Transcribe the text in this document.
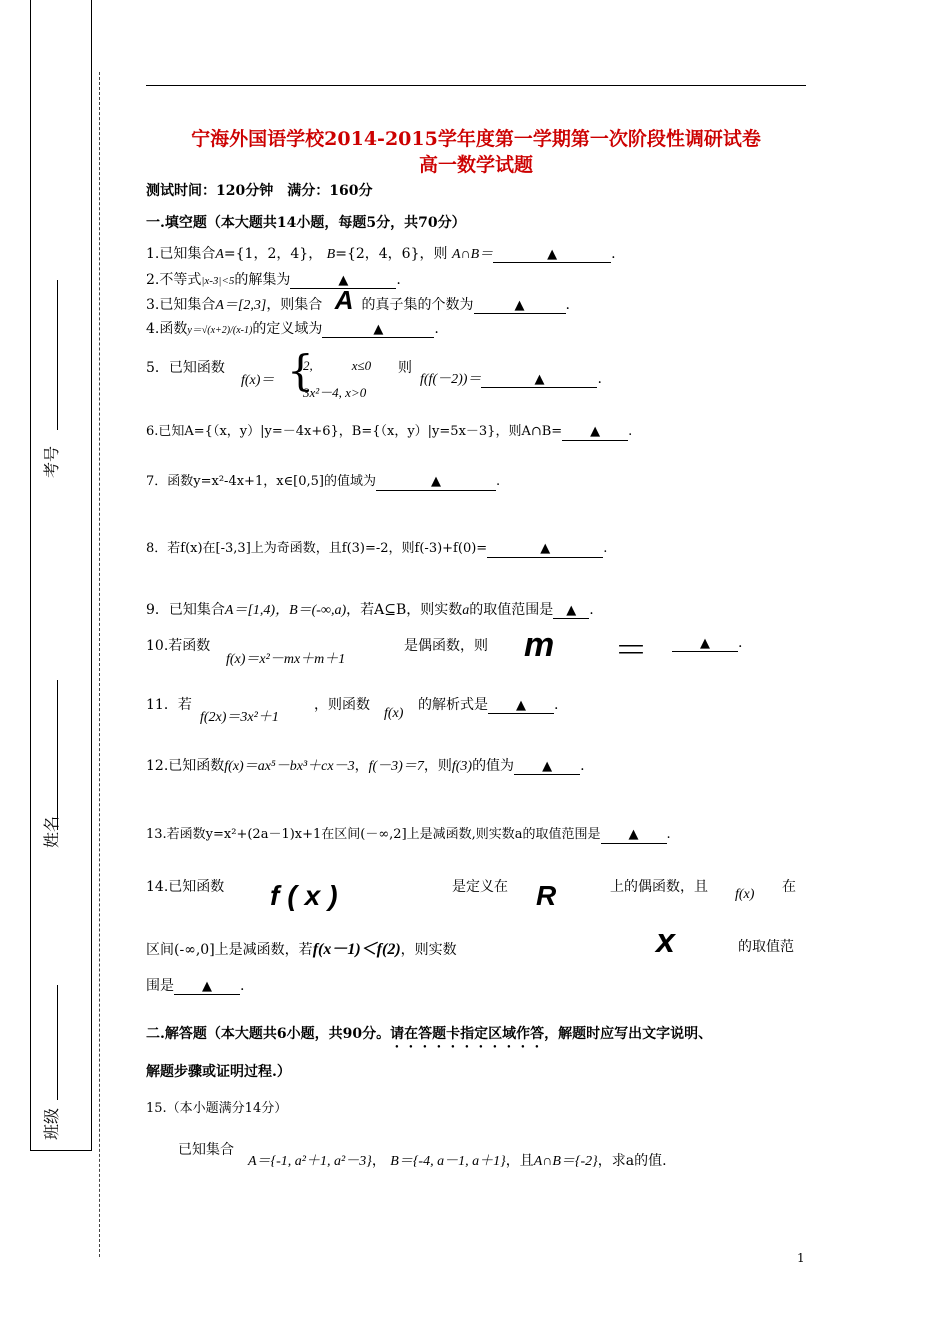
考号
姓名
班级
宁海外国语学校2014-2015学年度第一学期第一次阶段性调研试卷
高一数学试题
测试时间：120分钟　满分：160分
一.填空题（本大题共14小题，每题5分，共70分）
1.已知集合A={1，2，4}， B={2，4，6}，则 A∩B＝	▲	.
2.不等式|x-3|<5的解集为	▲	.
3.已知集合A＝[2,3]，则集合 A 的真子集的个数为	▲	.
4.函数y＝√(x+2)/(x-1)的定义域为	▲	.
5．已知函数
f(x)＝ {
2,　　　x≤0
3x²－4, x>0
则
f(f(－2))＝	▲	.
6.已知A={（x，y）|y=－4x+6}，B={（x，y）|y=5x－3}，则A∩B= ▲ .
7．函数y=x²-4x+1，x∈[0,5]的值域为	▲	.
8．若f(x)在[-3,3]上为奇函数，且f(3)=-2，则f(-3)+f(0)=	▲	.
9．已知集合A＝[1,4)，B＝(-∞,a)，若A⊆B，则实数a的取值范围是 ▲ .
10.若函数
f(x)＝x²－mx＋m＋1
是偶函数，则 m ＝	▲ .
11．若
f(2x)＝3x²＋1
，则函数
f(x)
的解析式是 ▲ .
12.已知函数f(x)＝ax⁵－bx³＋cx－3，f(－3)＝7，则f(3)的值为 ▲ .
13.若函数y=x²+(2a－1)x+1在区间(－∞,2]上是减函数,则实数a的取值范围是 ▲ .
14.已知函数 f(x)	是定义在 R	上的偶函数，且 f(x) 在
区间(-∞,0]上是减函数，若f(x－1)＜f(2)，则实数	x	的取值范
围是 ▲ .
二.解答题（本大题共6小题，共90分。请在答题卡指定区域作答，解题时应写出文字说明、
解题步骤或证明过程.）
15.（本小题满分14分）
已知集合
A＝{-1, a²＋1, a²－3}， B＝{-4, a－1, a＋1}，且A∩B＝{-2}，求a的值.
1
